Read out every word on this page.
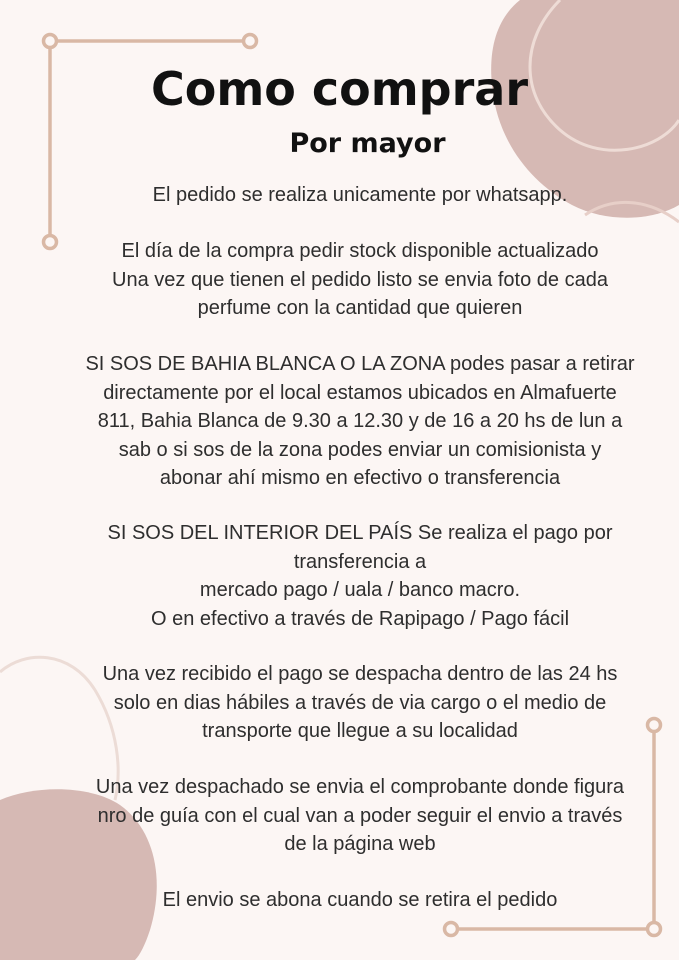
Como comprar
Por mayor

El pedido se realiza unicamente por whatsapp.

El día de la compra pedir stock disponible actualizado
Una vez que tienen el pedido listo se envia foto de cada
perfume con la cantidad que quieren

SI SOS DE BAHIA BLANCA O LA ZONA podes pasar a retirar
directamente por el local estamos ubicados en Almafuerte
811, Bahia Blanca de 9.30 a 12.30 y de 16 a 20 hs de lun a
sab o si sos de la zona podes enviar un comisionista y
abonar ahí mismo en efectivo o transferencia

SI SOS DEL INTERIOR DEL PAÍS Se realiza el pago por
transferencia a
mercado pago / uala / banco macro.
O en efectivo a través de Rapipago / Pago fácil

Una vez recibido el pago se despacha dentro de las 24 hs
solo en dias hábiles a través de via cargo o el medio de
transporte que llegue a su localidad

Una vez despachado se envia el comprobante donde figura
nro de guía con el cual van a poder seguir el envio a través
de la página web

El envio se abona cuando se retira el pedido
